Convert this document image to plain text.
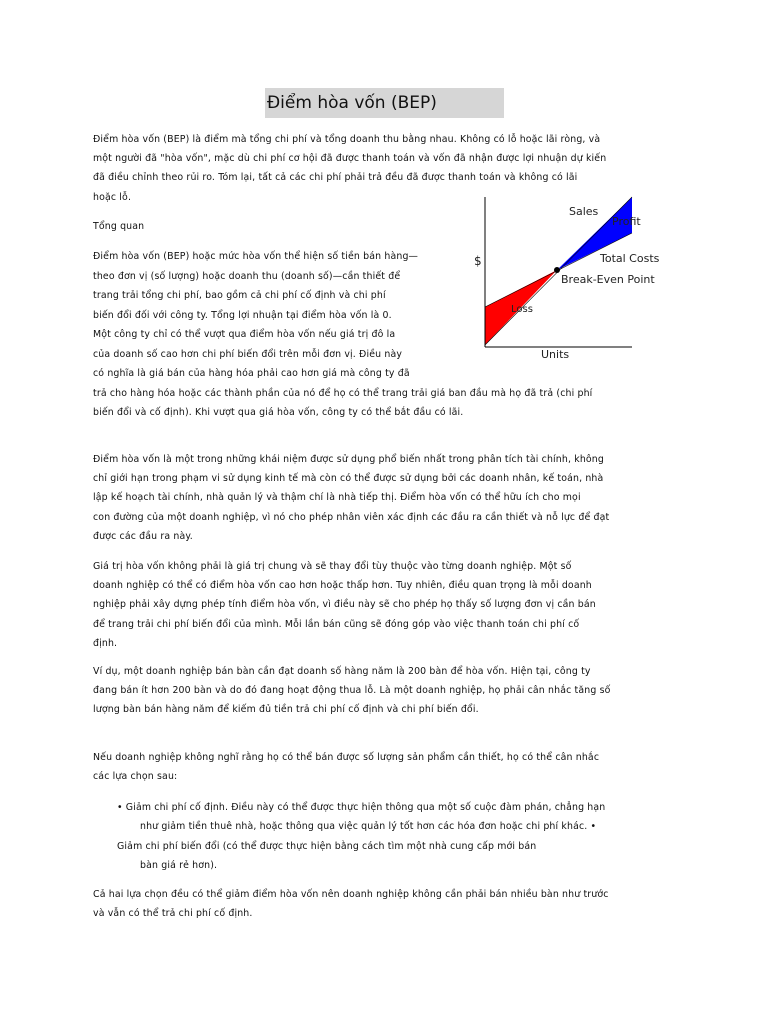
Điểm hòa vốn (BEP)
Điểm hòa vốn (BEP) là điểm mà tổng chi phí và tổng doanh thu bằng nhau. Không có lỗ hoặc lãi ròng, và
một người đã "hòa vốn", mặc dù chi phí cơ hội đã được thanh toán và vốn đã nhận được lợi nhuận dự kiến
đã điều chỉnh theo rủi ro. Tóm lại, tất cả các chi phí phải trả đều đã được thanh toán và không có lãi
hoặc lỗ.
Tổng quan
Điểm hòa vốn (BEP) hoặc mức hòa vốn thể hiện số tiền bán hàng—
theo đơn vị (số lượng) hoặc doanh thu (doanh số)—cần thiết để
trang trải tổng chi phí, bao gồm cả chi phí cố định và chi phí
biến đổi đối với công ty. Tổng lợi nhuận tại điểm hòa vốn là 0.
Một công ty chỉ có thể vượt qua điểm hòa vốn nếu giá trị đô la
của doanh số cao hơn chi phí biến đổi trên mỗi đơn vị. Điều này
có nghĩa là giá bán của hàng hóa phải cao hơn giá mà công ty đã
trả cho hàng hóa hoặc các thành phần của nó để họ có thể trang trải giá ban đầu mà họ đã trả (chi phí
biến đổi và cố định). Khi vượt qua giá hòa vốn, công ty có thể bắt đầu có lãi.
$
Units
Sales
Profit
Total Costs
Break-Even Point
Loss
Điểm hòa vốn là một trong những khái niệm được sử dụng phổ biến nhất trong phân tích tài chính, không
chỉ giới hạn trong phạm vi sử dụng kinh tế mà còn có thể được sử dụng bởi các doanh nhân, kế toán, nhà
lập kế hoạch tài chính, nhà quản lý và thậm chí là nhà tiếp thị. Điểm hòa vốn có thể hữu ích cho mọi
con đường của một doanh nghiệp, vì nó cho phép nhân viên xác định các đầu ra cần thiết và nỗ lực để đạt
được các đầu ra này.
Giá trị hòa vốn không phải là giá trị chung và sẽ thay đổi tùy thuộc vào từng doanh nghiệp. Một số
doanh nghiệp có thể có điểm hòa vốn cao hơn hoặc thấp hơn. Tuy nhiên, điều quan trọng là mỗi doanh
nghiệp phải xây dựng phép tính điểm hòa vốn, vì điều này sẽ cho phép họ thấy số lượng đơn vị cần bán
để trang trải chi phí biến đổi của mình. Mỗi lần bán cũng sẽ đóng góp vào việc thanh toán chi phí cố
định.
Ví dụ, một doanh nghiệp bán bàn cần đạt doanh số hàng năm là 200 bàn để hòa vốn. Hiện tại, công ty
đang bán ít hơn 200 bàn và do đó đang hoạt động thua lỗ. Là một doanh nghiệp, họ phải cân nhắc tăng số
lượng bàn bán hàng năm để kiếm đủ tiền trả chi phí cố định và chi phí biến đổi.
Nếu doanh nghiệp không nghĩ rằng họ có thể bán được số lượng sản phẩm cần thiết, họ có thể cân nhắc
các lựa chọn sau:
• Giảm chi phí cố định. Điều này có thể được thực hiện thông qua một số cuộc đàm phán, chẳng hạn
như giảm tiền thuê nhà, hoặc thông qua việc quản lý tốt hơn các hóa đơn hoặc chi phí khác. •
Giảm chi phí biến đổi (có thể được thực hiện bằng cách tìm một nhà cung cấp mới bán
bàn giá rẻ hơn).
Cả hai lựa chọn đều có thể giảm điểm hòa vốn nên doanh nghiệp không cần phải bán nhiều bàn như trước
và vẫn có thể trả chi phí cố định.
